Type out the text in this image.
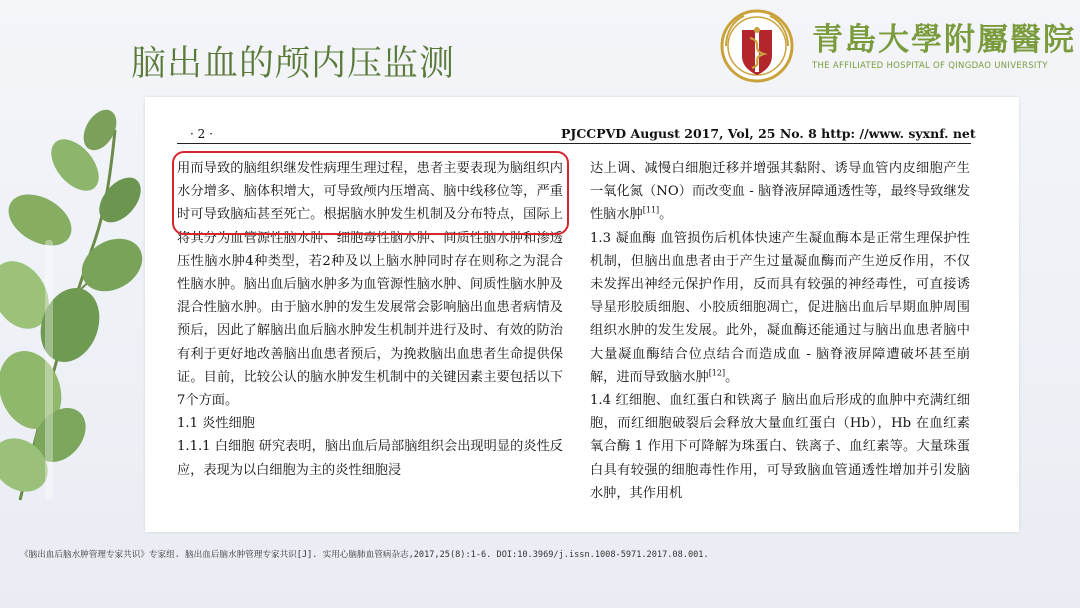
脑出血的颅内压监测
青島大學附屬醫院
THE AFFILIATED HOSPITAL OF QINGDAO UNIVERSITY
· 2 ·	PJCCPVD August 2017, Vol, 25 No. 8 http: //www. syxnf. net

用而导致的脑组织继发性病理生理过程，患者主要表现为脑组织内水分增多、脑体积增大，可导致颅内压增高、脑中线移位等，严重时可导致脑疝甚至死亡。根据脑水肿发生机制及分布特点，国际上将其分为血管源性脑水肿、细胞毒性脑水肿、间质性脑水肿和渗透压性脑水肿4种类型，若2种及以上脑水肿同时存在则称之为混合性脑水肿。脑出血后脑水肿多为血管源性脑水肿、间质性脑水肿及混合性脑水肿。由于脑水肿的发生发展常会影响脑出血患者病情及预后，因此了解脑出血后脑水肿发生机制并进行及时、有效的防治有利于更好地改善脑出血患者预后，为挽救脑出血患者生命提供保证。目前，比较公认的脑水肿发生机制中的关键因素主要包括以下7个方面。

1.1 炎性细胞

1.1.1 白细胞 研究表明，脑出血后局部脑组织会出现明显的炎性反应，表现为以白细胞为主的炎性细胞浸

达上调、减慢白细胞迁移并增强其黏附、诱导血管内皮细胞产生一氧化氮（NO）而改变血 - 脑脊液屏障通透性等，最终导致继发性脑水肿[11]。

1.3 凝血酶 血管损伤后机体快速产生凝血酶本是正常生理保护性机制，但脑出血患者由于产生过量凝血酶而产生逆反作用，不仅未发挥出神经元保护作用，反而具有较强的神经毒性，可直接诱导星形胶质细胞、小胶质细胞凋亡，促进脑出血后早期血肿周围组织水肿的发生发展。此外，凝血酶还能通过与脑出血患者脑中大量凝血酶结合位点结合而造成血 - 脑脊液屏障遭破坏甚至崩解，进而导致脑水肿[12]。

1.4 红细胞、血红蛋白和铁离子 脑出血后形成的血肿中充满红细胞，而红细胞破裂后会释放大量血红蛋白（Hb），Hb 在血红素氧合酶 1 作用下可降解为珠蛋白、铁离子、血红素等。大量珠蛋白具有较强的细胞毒性作用，可导致脑血管通透性增加并引发脑水肿，其作用机

《脑出血后脑水肿管理专家共识》专家组. 脑出血后脑水肿管理专家共识[J]. 实用心脑肺血管病杂志,2017,25(8):1-6. DOI:10.3969/j.issn.1008-5971.2017.08.001.
